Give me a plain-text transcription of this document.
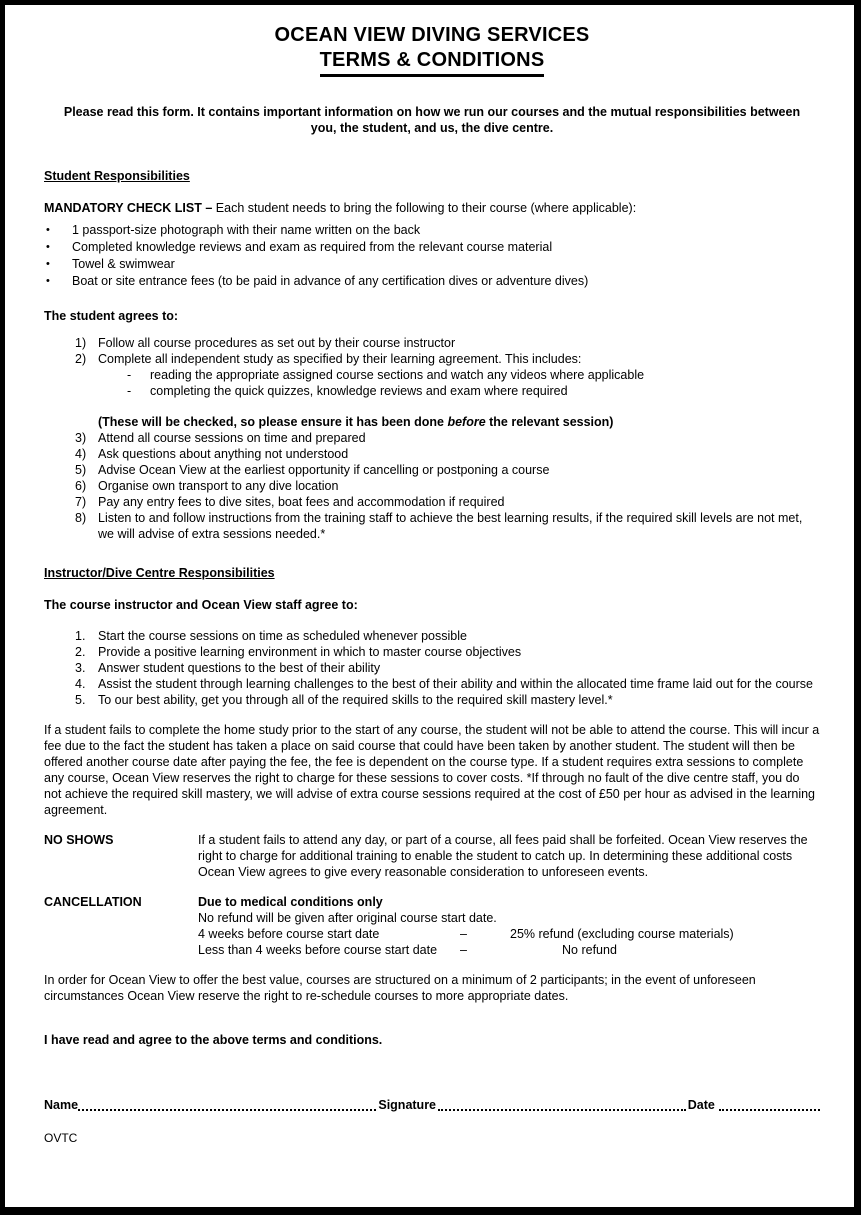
OCEAN VIEW DIVING SERVICES
TERMS & CONDITIONS
Please read this form. It contains important information on how we run our courses and the mutual responsibilities between you, the student, and us, the dive centre.
Student Responsibilities
MANDATORY CHECK LIST – Each student needs to bring the following to their course (where applicable):
•	1 passport-size photograph with their name written on the back
•	Completed knowledge reviews and exam as required from the relevant course material
•	Towel & swimwear
•	Boat or site entrance fees (to be paid in advance of any certification dives or adventure dives)
The student agrees to:
1) Follow all course procedures as set out by their course instructor
2) Complete all independent study as specified by their learning agreement. This includes:
-	reading the appropriate assigned course sections and watch any videos where applicable
-	completing the quick quizzes, knowledge reviews and exam where required
(These will be checked, so please ensure it has been done before the relevant session)
3) Attend all course sessions on time and prepared
4) Ask questions about anything not understood
5) Advise Ocean View at the earliest opportunity if cancelling or postponing a course
6) Organise own transport to any dive location
7) Pay any entry fees to dive sites, boat fees and accommodation if required
8) Listen to and follow instructions from the training staff to achieve the best learning results, if the required skill levels are not met, we will advise of extra sessions needed.*
Instructor/Dive Centre Responsibilities
The course instructor and Ocean View staff agree to:
1.	Start the course sessions on time as scheduled whenever possible
2.	Provide a positive learning environment in which to master course objectives
3.	Answer student questions to the best of their ability
4.	Assist the student through learning challenges to the best of their ability and within the allocated time frame laid out for the course
5.	To our best ability, get you through all of the required skills to the required skill mastery level.*
If a student fails to complete the home study prior to the start of any course, the student will not be able to attend the course. This will incur a fee due to the fact the student has taken a place on said course that could have been taken by another student. The student will then be offered another course date after paying the fee, the fee is dependent on the course type. If a student requires extra sessions to complete any course, Ocean View reserves the right to charge for these sessions to cover costs. *If through no fault of the dive centre staff, you do not achieve the required skill mastery, we will advise of extra course sessions required at the cost of £50 per hour as advised in the learning agreement.
NO SHOWS	If a student fails to attend any day, or part of a course, all fees paid shall be forfeited. Ocean View reserves the right to charge for additional training to enable the student to catch up. In determining these additional costs Ocean View agrees to give every reasonable consideration to unforeseen events.
CANCELLATION	Due to medical conditions only
No refund will be given after original course start date.
4 weeks before course start date	–	25% refund (excluding course materials)
Less than 4 weeks before course start date	–	No refund
In order for Ocean View to offer the best value, courses are structured on a minimum of 2 participants; in the event of unforeseen circumstances Ocean View reserve the right to re-schedule courses to more appropriate dates.
I have read and agree to the above terms and conditions.
Name	Signature	Date
OVTC
